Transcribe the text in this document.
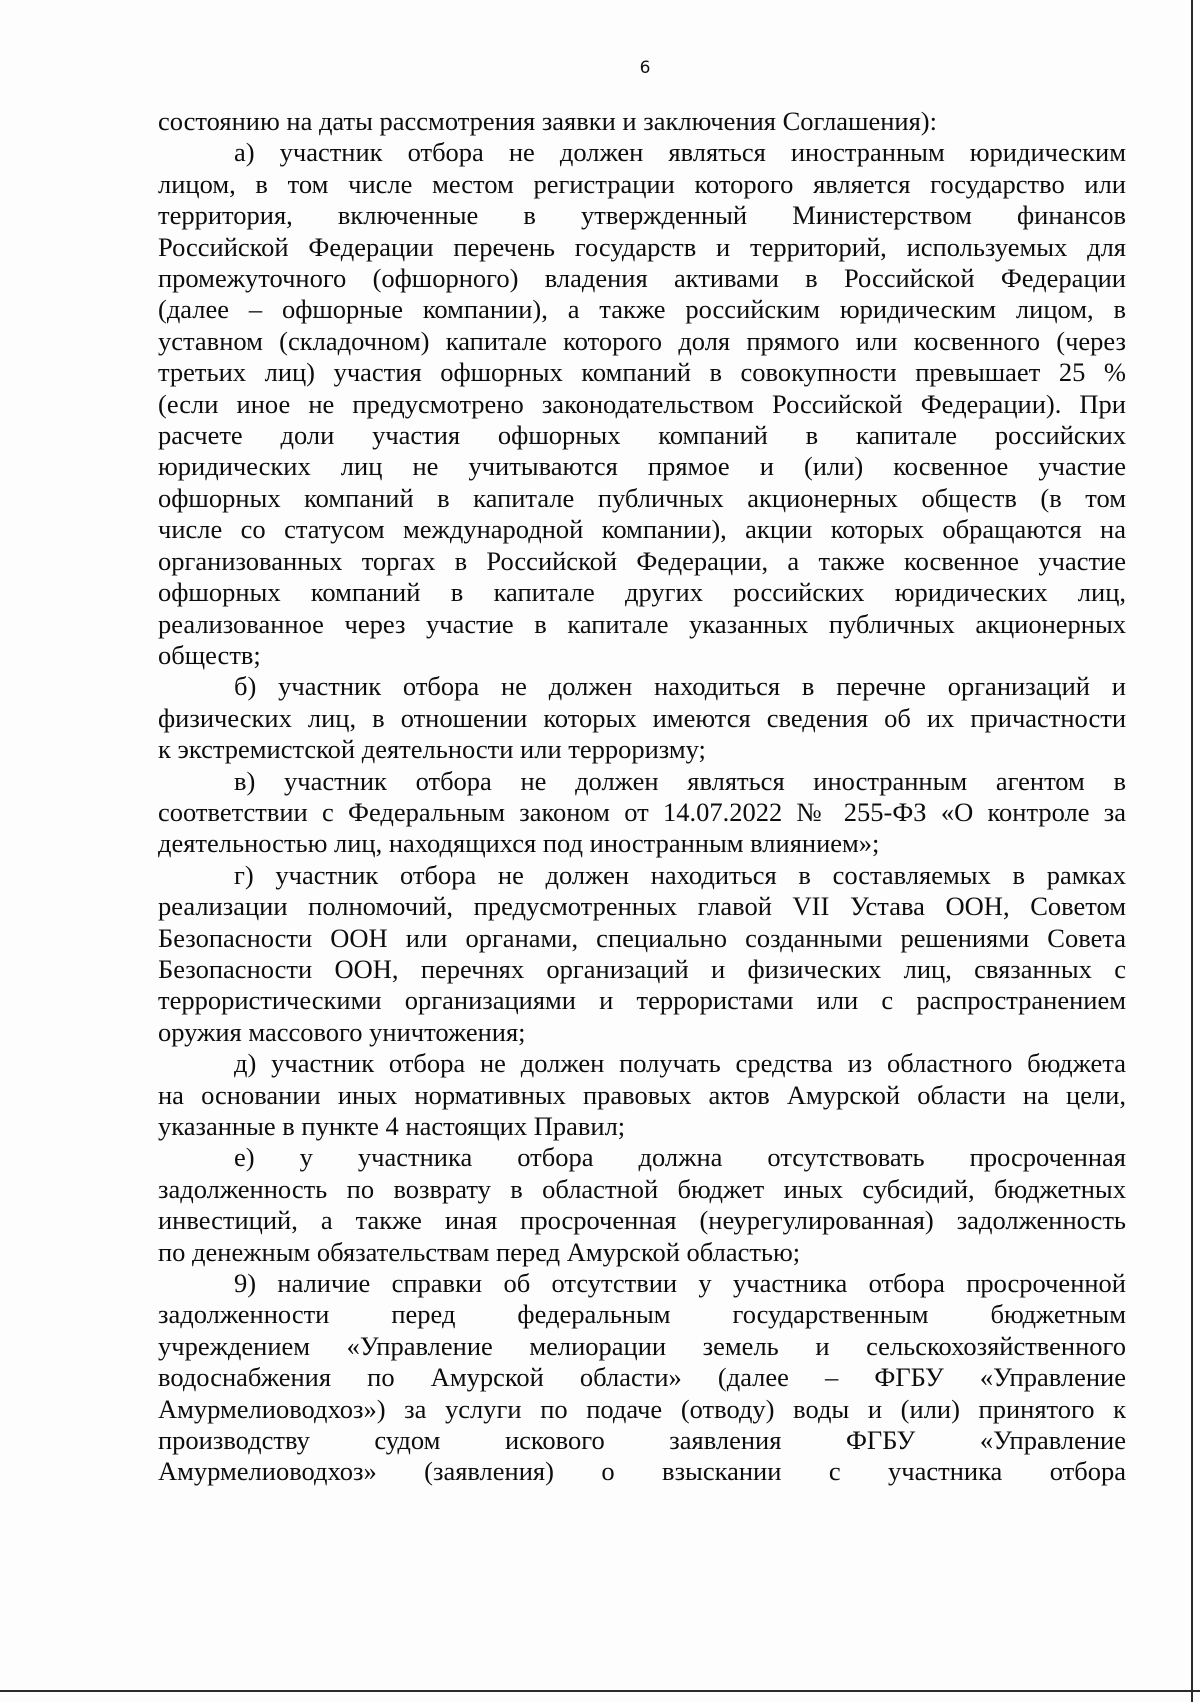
6
состоянию на даты рассмотрения заявки и заключения Соглашения):
а) участник отбора не должен являться иностранным юридическим
лицом, в том числе местом регистрации которого является государство или
территория, включенные в утвержденный Министерством финансов
Российской Федерации перечень государств и территорий, используемых для
промежуточного (офшорного) владения активами в Российской Федерации
(далее – офшорные компании), а также российским юридическим лицом, в
уставном (складочном) капитале которого доля прямого или косвенного (через
третьих лиц) участия офшорных компаний в совокупности превышает 25 %
(если иное не предусмотрено законодательством Российской Федерации). При
расчете доли участия офшорных компаний в капитале российских
юридических лиц не учитываются прямое и (или) косвенное участие
офшорных компаний в капитале публичных акционерных обществ (в том
числе со статусом международной компании), акции которых обращаются на
организованных торгах в Российской Федерации, а также косвенное участие
офшорных компаний в капитале других российских юридических лиц,
реализованное через участие в капитале указанных публичных акционерных
обществ;
б) участник отбора не должен находиться в перечне организаций и
физических лиц, в отношении которых имеются сведения об их причастности
к экстремистской деятельности или терроризму;
в) участник отбора не должен являться иностранным агентом в
соответствии с Федеральным законом от 14.07.2022 № 255-ФЗ «О контроле за
деятельностью лиц, находящихся под иностранным влиянием»;
г) участник отбора не должен находиться в составляемых в рамках
реализации полномочий, предусмотренных главой VII Устава ООН, Советом
Безопасности ООН или органами, специально созданными решениями Совета
Безопасности ООН, перечнях организаций и физических лиц, связанных с
террористическими организациями и террористами или с распространением
оружия массового уничтожения;
д) участник отбора не должен получать средства из областного бюджета
на основании иных нормативных правовых актов Амурской области на цели,
указанные в пункте 4 настоящих Правил;
е) у участника отбора должна отсутствовать просроченная
задолженность по возврату в областной бюджет иных субсидий, бюджетных
инвестиций, а также иная просроченная (неурегулированная) задолженность
по денежным обязательствам перед Амурской областью;
9) наличие справки об отсутствии у участника отбора просроченной
задолженности перед федеральным государственным бюджетным
учреждением «Управление мелиорации земель и сельскохозяйственного
водоснабжения по Амурской области» (далее – ФГБУ «Управление
Амурмелиоводхоз») за услуги по подаче (отводу) воды и (или) принятого к
производству судом искового заявления ФГБУ «Управление
Амурмелиоводхоз» (заявления) о взыскании с участника отбора
